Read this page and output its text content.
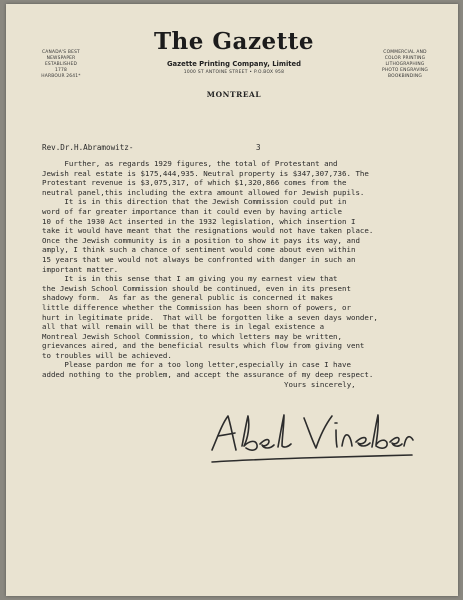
CANADA'S BEST
NEWSPAPER
ESTABLISHED
1778
HARBOUR 2641*
The Gazette
Gazette Printing Company, Limited
1000 ST ANTOINE STREET • P.O.BOX 958
MONTREAL
COMMERCIAL AND
COLOR PRINTING
LITHOGRAPHING
PHOTO ENGRAVING
BOOKBINDING
Rev.Dr.H.Abramowitz-	3
Further, as regards 1929 figures, the total of Protestant and
Jewish real estate is $175,444,935. Neutral property is $347,307,736. The
Protestant revenue is $3,075,317, of which $1,320,866 comes from the
neutral panel,this including the extra amount allowed for Jewish pupils.
It is in this direction that the Jewish Commission could put in
word of far greater importance than it could even by having article
10 of the 1930 Act inserted in the 1932 legislation, which insertion I
take it would have meant that the resignations would not have taken place.
Once the Jewish community is in a position to show it pays its way, and
amply, I think such a chance of sentiment would come about even within
15 years that we would not always be confronted with danger in such an
important matter.
It is in this sense that I am giving you my earnest view that
the Jewish School Commission should be continued, even in its present
shadowy form.  As far as the general public is concerned it makes
little difference whether the Commission has been shorn of powers, or
hurt in legitimate pride.  That will be forgotten like a seven days wonder,
all that will remain will be that there is in legal existence a
Montreal Jewish School Commission, to which letters may be written,
grievances aired, and the beneficial results which flow from giving vent
to troubles will be achieved.
Please pardon me for a too long letter,especially in case I have
added nothing to the problem, and accept the assurance of my deep respect.
Yours sincerely,
